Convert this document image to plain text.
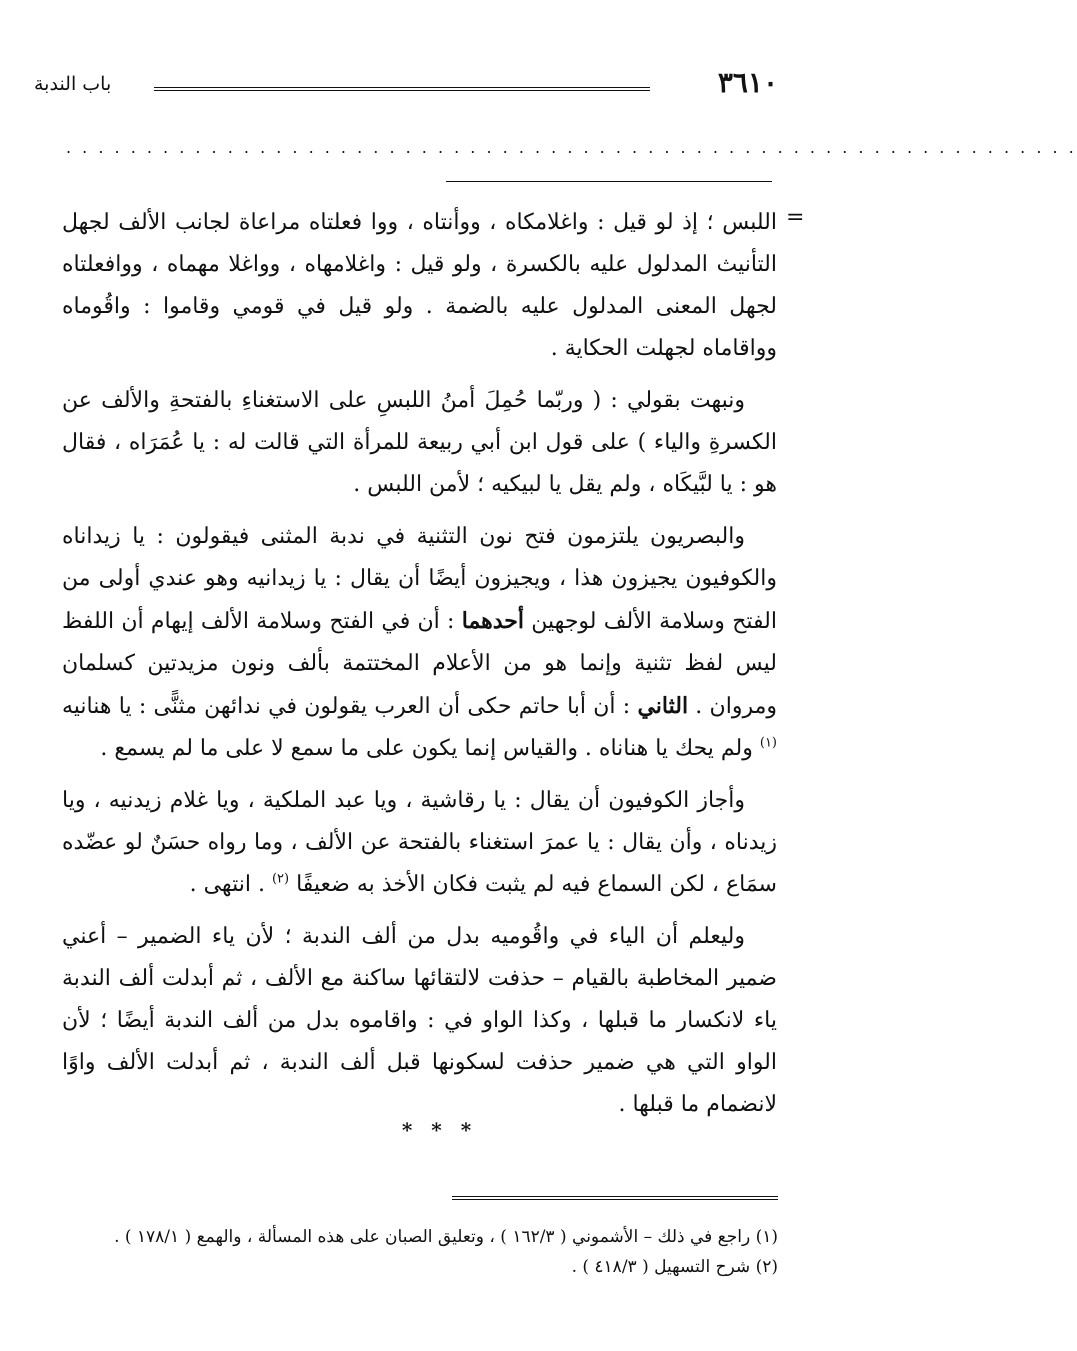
٣٦١٠
باب الندبة
. . . . . . . . . . . . . . . . . . . . . . . . . . . . . . . . . . . . . . . . . . . . . . . . . . . . . . . . . . . . . . .
=

اللبس ؛ إذ لو قيل : واغلامكاه ، ووأنتاه ، ووا فعلتاه مراعاة لجانب الألف لجهل التأنيث المدلول عليه بالكسرة ، ولو قيل : واغلامهاه ، وواغلا مهماه ، ووافعلتاه لجهل المعنى المدلول عليه بالضمة . ولو قيل في قومي وقاموا : واقُوماه وواقاماه لجهلت الحكاية .

ونبهت بقولي : ( وربّما حُمِلَ أمنُ اللبسِ على الاستغناءِ بالفتحةِ والألف عن الكسرةِ والياء ) على قول ابن أبي ربيعة للمرأة التي قالت له : يا عُمَرَاه ، فقال هو : يا لبَّيكَاه ، ولم يقل يا لبيكيه ؛ لأمن اللبس .

والبصريون يلتزمون فتح نون التثنية في ندبة المثنى فيقولون : يا زيداناه والكوفيون يجيزون هذا ، ويجيزون أيضًا أن يقال : يا زيدانيه وهو عندي أولى من الفتح وسلامة الألف لوجهين أحدهما : أن في الفتح وسلامة الألف إيهام أن اللفظ ليس لفظ تثنية وإنما هو من الأعلام المختتمة بألف ونون مزيدتين كسلمان ومروان . الثاني : أن أبا حاتم حكى أن العرب يقولون في ندائهن مثنًّى : يا هنانيه $^{(١)}$ ولم يحك يا هناناه . والقياس إنما يكون على ما سمع لا على ما لم يسمع .

وأجاز الكوفيون أن يقال : يا رقاشية ، ويا عبد الملكية ، ويا غلام زيدنيه ، ويا زيدناه ، وأن يقال : يا عمرَ استغناء بالفتحة عن الألف ، وما رواه حسَنٌ لو عضّده سمَاع ، لكن السماع فيه لم يثبت فكان الأخذ به ضعيفًا $^{(٢)}$ . انتهى .

وليعلم أن الياء في واقُوميه بدل من ألف الندبة ؛ لأن ياء الضمير – أعني ضمير المخاطبة بالقيام – حذفت لالتقائها ساكنة مع الألف ، ثم أبدلت ألف الندبة ياء لانكسار ما قبلها ، وكذا الواو في : واقاموه بدل من ألف الندبة أيضًا ؛ لأن الواو التي هي ضمير حذفت لسكونها قبل ألف الندبة ، ثم أبدلت الألف واوًا لانضمام ما قبلها .

* * *

(١) راجع في ذلك – الأشموني ( ١٦٢/٣ ) ، وتعليق الصبان على هذه المسألة ، والهمع ( ١٧٨/١ ) .

(٢) شرح التسهيل ( ٤١٨/٣ ) .
